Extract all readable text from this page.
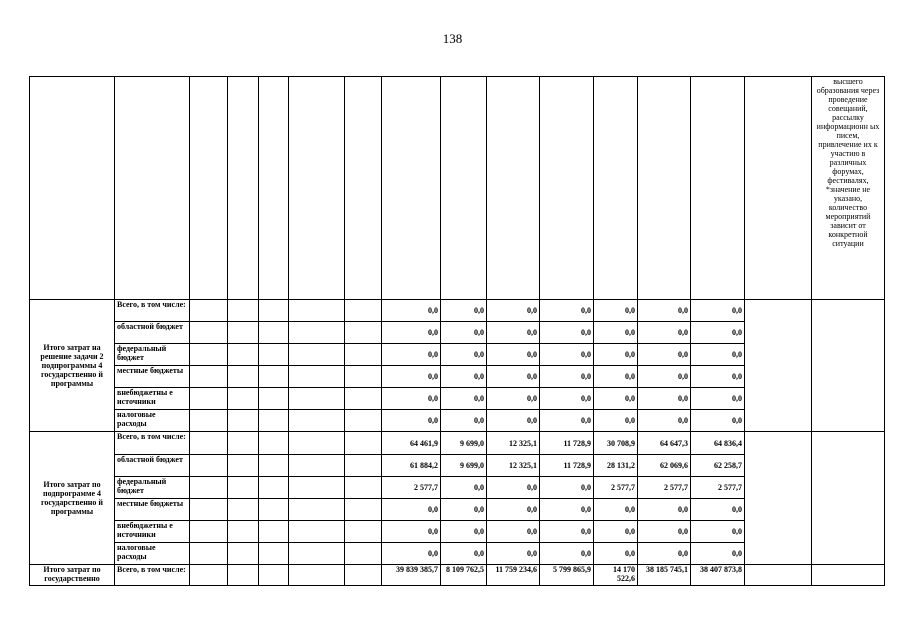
138
															высшего образования через проведение совещаний, рассылку информационн ых писем, привлечение их к участию в различных форумах, фестивалях, *значение не указано, количество мероприятий зависит от конкретной ситуации
Итого затрат на решение задачи 2 подпрограммы 4 государственно й программы	Всего, в том числе:						0,0	0,0	0,0	0,0	0,0	0,0	0,0		
	областной бюджет						0,0	0,0	0,0	0,0	0,0	0,0	0,0		
	федеральный бюджет						0,0	0,0	0,0	0,0	0,0	0,0	0,0		
	местные бюджеты						0,0	0,0	0,0	0,0	0,0	0,0	0,0		
	внебюджетны е источники						0,0	0,0	0,0	0,0	0,0	0,0	0,0		
	налоговые расходы						0,0	0,0	0,0	0,0	0,0	0,0	0,0		
Итого затрат по подпрограмме 4 государственно й программы	Всего, в том числе:						64 461,9	9 699,0	12 325,1	11 728,9	30 708,9	64 647,3	64 836,4		
	областной бюджет						61 884,2	9 699,0	12 325,1	11 728,9	28 131,2	62 069,6	62 258,7		
	федеральный бюджет						2 577,7	0,0	0,0	0,0	2 577,7	2 577,7	2 577,7		
	местные бюджеты						0,0	0,0	0,0	0,0	0,0	0,0	0,0		
	внебюджетны е источники						0,0	0,0	0,0	0,0	0,0	0,0	0,0		
	налоговые расходы						0,0	0,0	0,0	0,0	0,0	0,0	0,0		
Итого затрат по государственно	Всего, в том числе:						39 839 385,7	8 109 762,5	11 759 234,6	5 799 865,9	14 170 522,6	38 185 745,1	38 407 873,8		
